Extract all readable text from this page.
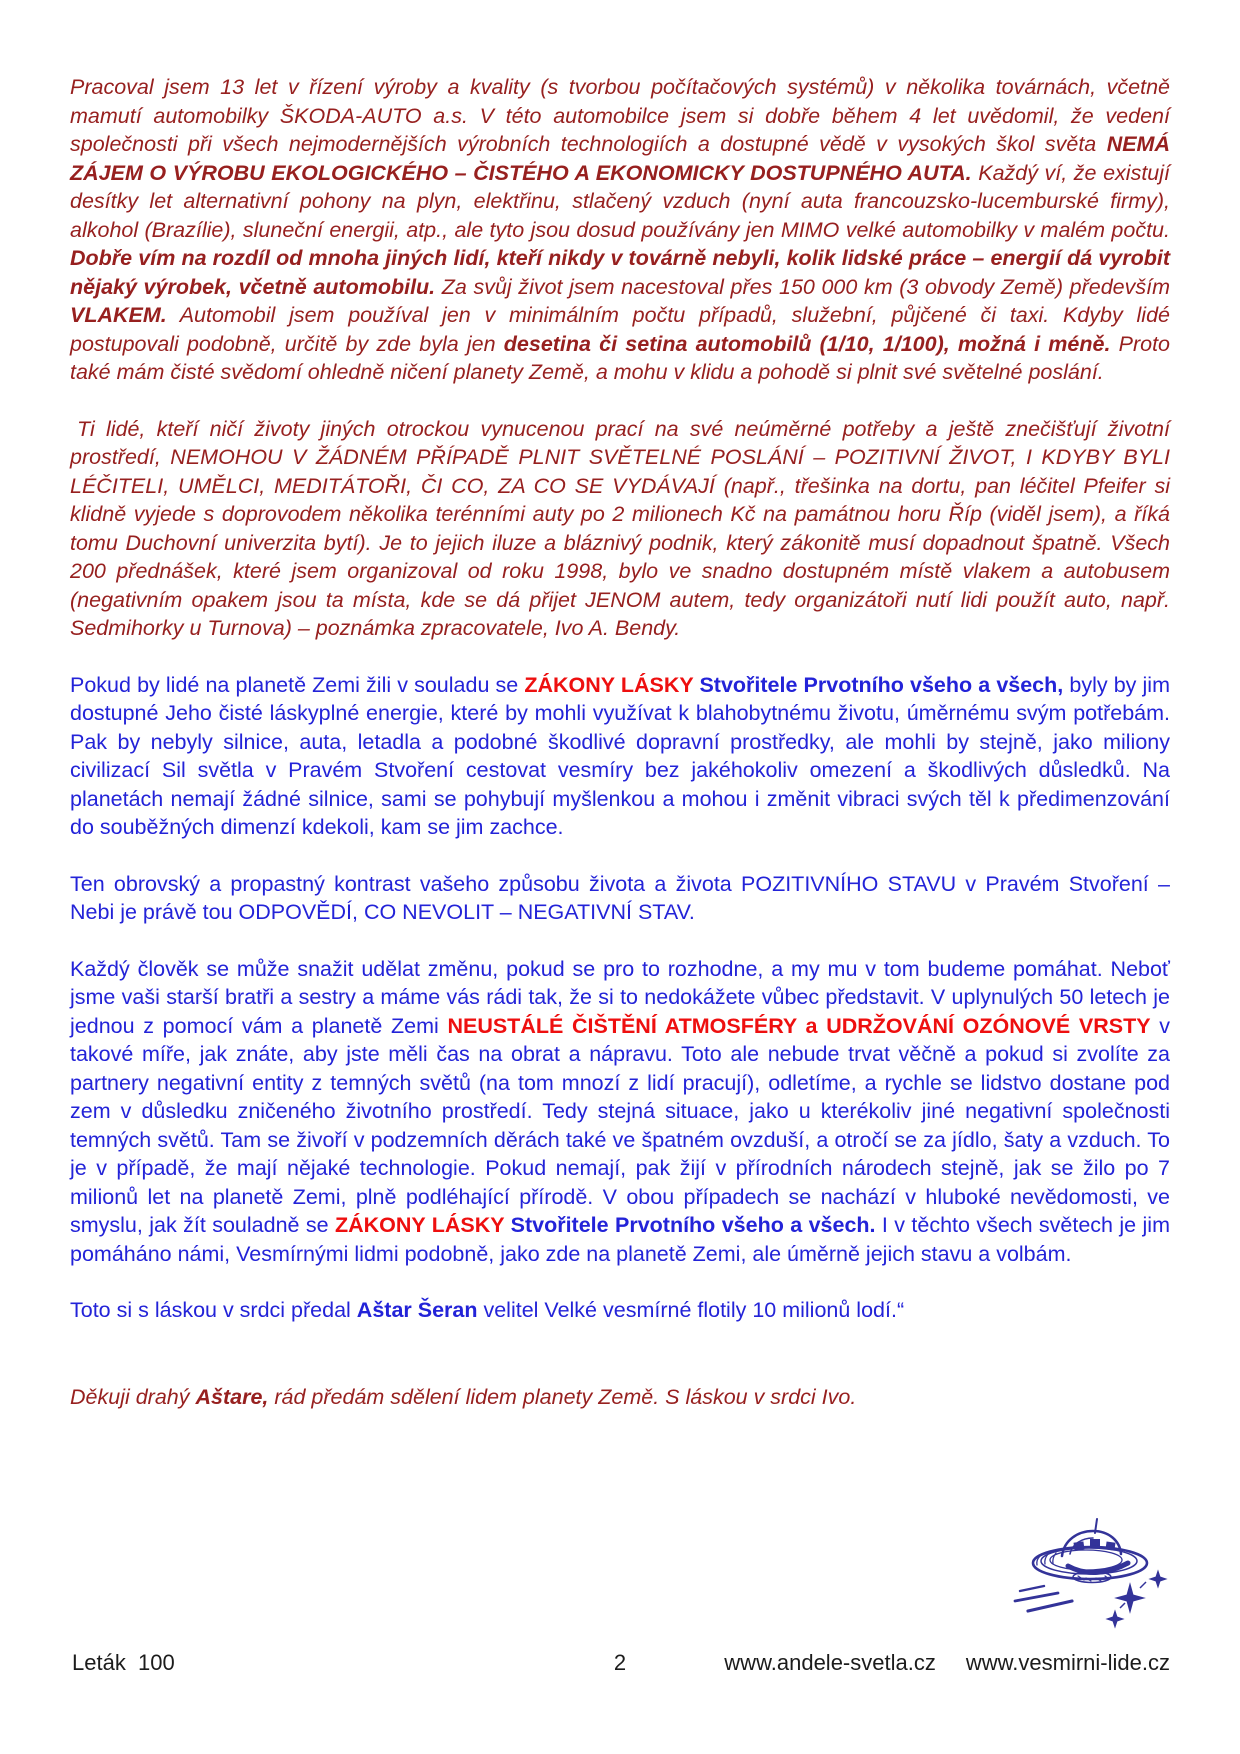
Pracoval jsem 13 let v řízení výroby a kvality (s tvorbou počítačových systémů) v několika továrnách, včetně mamutí automobilky ŠKODA-AUTO a.s. V této automobilce jsem si dobře během 4 let uvědomil, že vedení společnosti při všech nejmodernějších výrobních technologiích a dostupné vědě v vysokých škol světa NEMÁ ZÁJEM O VÝROBU EKOLOGICKÉHO – ČISTÉHO A EKONOMICKY DOSTUPNÉHO AUTA. Každý ví, že existují desítky let alternativní pohony na plyn, elektřinu, stlačený vzduch (nyní auta francouzsko-lucemburské firmy), alkohol (Brazílie), sluneční energii, atp., ale tyto jsou dosud používány jen MIMO velké automobilky v malém počtu. Dobře vím na rozdíl od mnoha jiných lidí, kteří nikdy v továrně nebyli, kolik lidské práce – energií dá vyrobit nějaký výrobek, včetně automobilu. Za svůj život jsem nacestoval přes 150 000 km (3 obvody Země) především VLAKEM. Automobil jsem používal jen v minimálním počtu případů, služební, půjčené či taxi. Kdyby lidé postupovali podobně, určitě by zde byla jen desetina či setina automobilů (1/10, 1/100), možná i méně. Proto také mám čisté svědomí ohledně ničení planety Země, a mohu v klidu a pohodě si plnit své světelné poslání.

Ti lidé, kteří ničí životy jiných otrockou vynucenou prací na své neúměrné potřeby a ještě znečišťují životní prostředí, NEMOHOU V ŽÁDNÉM PŘÍPADĚ PLNIT SVĚTELNÉ POSLÁNÍ – POZITIVNÍ ŽIVOT, I KDYBY BYLI LÉČITELI, UMĚLCI, MEDITÁTOŘI, ČI CO, ZA CO SE VYDÁVAJÍ (např., třešinka na dortu, pan léčitel Pfeifer si klidně vyjede s doprovodem několika terénními auty po 2 milionech Kč na památnou horu Říp (viděl jsem), a říká tomu Duchovní univerzita bytí). Je to jejich iluze a bláznivý podnik, který zákonitě musí dopadnout špatně. Všech 200 přednášek, které jsem organizoval od roku 1998, bylo ve snadno dostupném místě vlakem a autobusem (negativním opakem jsou ta místa, kde se dá přijet JENOM autem, tedy organizátoři nutí lidi použít auto, např. Sedmihorky u Turnova) – poznámka zpracovatele, Ivo A. Bendy.

Pokud by lidé na planetě Zemi žili v souladu se ZÁKONY LÁSKY Stvořitele Prvotního všeho a všech, byly by jim dostupné Jeho čisté láskyplné energie, které by mohli využívat k blahobytnému životu, úměrnému svým potřebám. Pak by nebyly silnice, auta, letadla a podobné škodlivé dopravní prostředky, ale mohli by stejně, jako miliony civilizací Sil světla v Pravém Stvoření cestovat vesmíry bez jakéhokoliv omezení a škodlivých důsledků. Na planetách nemají žádné silnice, sami se pohybují myšlenkou a mohou i změnit vibraci svých těl k předimenzování do souběžných dimenzí kdekoli, kam se jim zachce.

Ten obrovský a propastný kontrast vašeho způsobu života a života POZITIVNÍHO STAVU v Pravém Stvoření – Nebi je právě tou ODPOVĚDÍ, CO NEVOLIT – NEGATIVNÍ STAV.

Každý člověk se může snažit udělat změnu, pokud se pro to rozhodne, a my mu v tom budeme pomáhat. Neboť jsme vaši starší bratři a sestry a máme vás rádi tak, že si to nedokážete vůbec představit. V uplynulých 50 letech je jednou z pomocí vám a planetě Zemi NEUSTÁLÉ ČIŠTĚNÍ ATMOSFÉRY a UDRŽOVÁNÍ OZÓNOVÉ VRSTY v takové míře, jak znáte, aby jste měli čas na obrat a nápravu. Toto ale nebude trvat věčně a pokud si zvolíte za partnery negativní entity z temných světů (na tom mnozí z lidí pracují), odletíme, a rychle se lidstvo dostane pod zem v důsledku zničeného životního prostředí. Tedy stejná situace, jako u kterékoliv jiné negativní společnosti temných světů. Tam se živoří v podzemních děrách také ve špatném ovzduší, a otročí se za jídlo, šaty a vzduch. To je v případě, že mají nějaké technologie. Pokud nemají, pak žijí v přírodních národech stejně, jak se žilo po 7 milionů let na planetě Zemi, plně podléhající přírodě. V obou případech se nachází v hluboké nevědomosti, ve smyslu, jak žít souladně se ZÁKONY LÁSKY Stvořitele Prvotního všeho a všech. I v těchto všech světech je jim pomáháno námi, Vesmírnými lidmi podobně, jako zde na planetě Zemi, ale úměrně jejich stavu a volbám.

Toto si s láskou v srdci předal Aštar Šeran velitel Velké vesmírné flotily 10 milionů lodí.“

Děkuji drahý Aštare, rád předám sdělení lidem planety Země. S láskou v srdci Ivo.

Leták  100	2	www.andele-svetla.cz www.vesmirni-lide.cz
